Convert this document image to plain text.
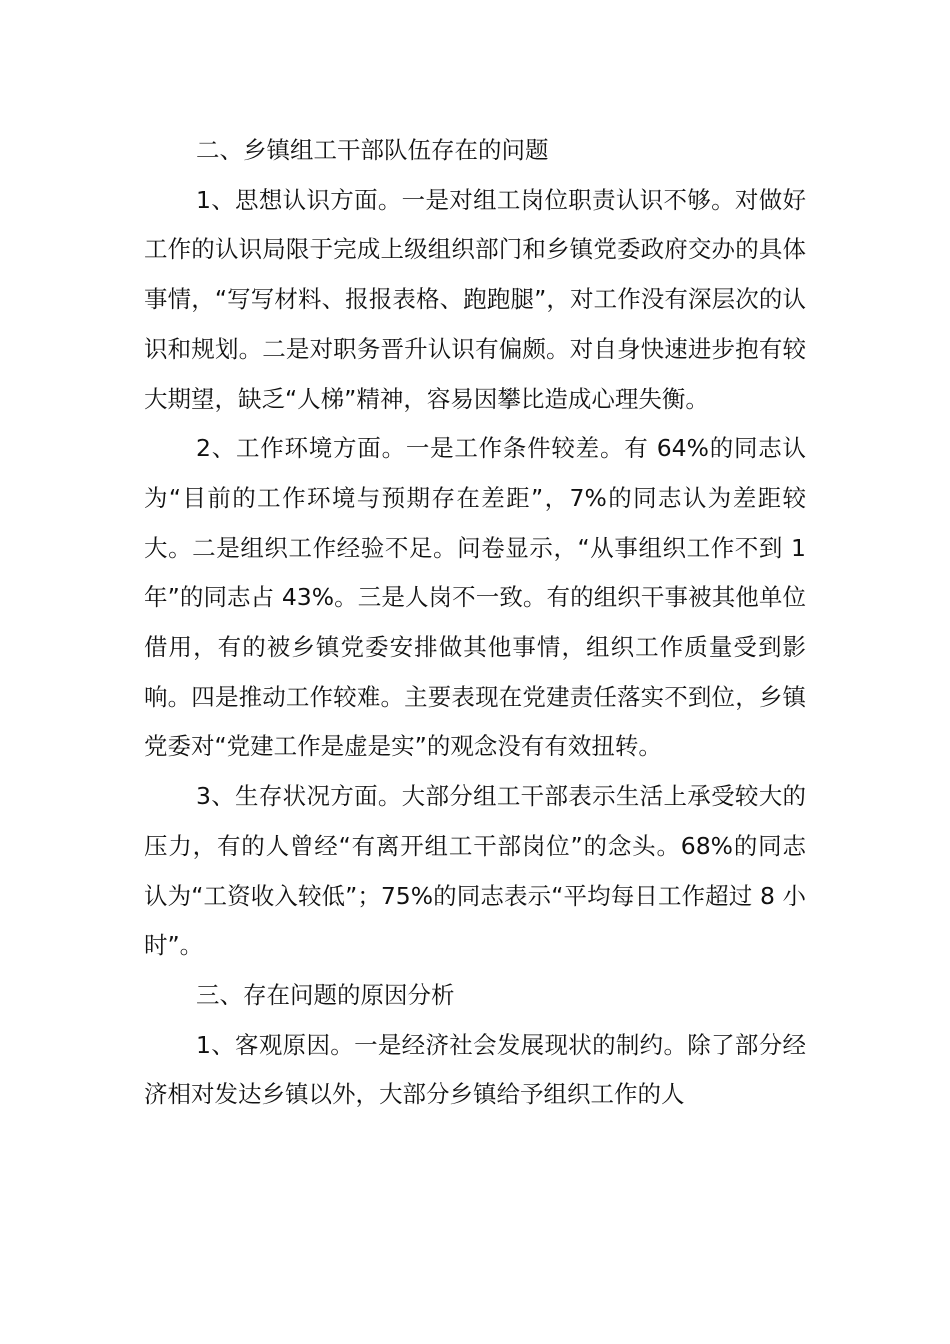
二、乡镇组工干部队伍存在的问题

1、思想认识方面。一是对组工岗位职责认识不够。对做好工作的认识局限于完成上级组织部门和乡镇党委政府交办的具体事情，“写写材料、报报表格、跑跑腿”，对工作没有深层次的认识和规划。二是对职务晋升认识有偏颇。对自身快速进步抱有较大期望，缺乏“人梯”精神，容易因攀比造成心理失衡。

2、工作环境方面。一是工作条件较差。有 64%的同志认为“目前的工作环境与预期存在差距”，7%的同志认为差距较大。二是组织工作经验不足。问卷显示，“从事组织工作不到 1 年”的同志占 43%。三是人岗不一致。有的组织干事被其他单位借用，有的被乡镇党委安排做其他事情，组织工作质量受到影响。四是推动工作较难。主要表现在党建责任落实不到位，乡镇党委对“党建工作是虚是实”的观念没有有效扭转。

3、生存状况方面。大部分组工干部表示生活上承受较大的压力，有的人曾经“有离开组工干部岗位”的念头。68%的同志认为“工资收入较低”；75%的同志表示“平均每日工作超过 8 小时”。

三、存在问题的原因分析

1、客观原因。一是经济社会发展现状的制约。除了部分经济相对发达乡镇以外，大部分乡镇给予组织工作的人
